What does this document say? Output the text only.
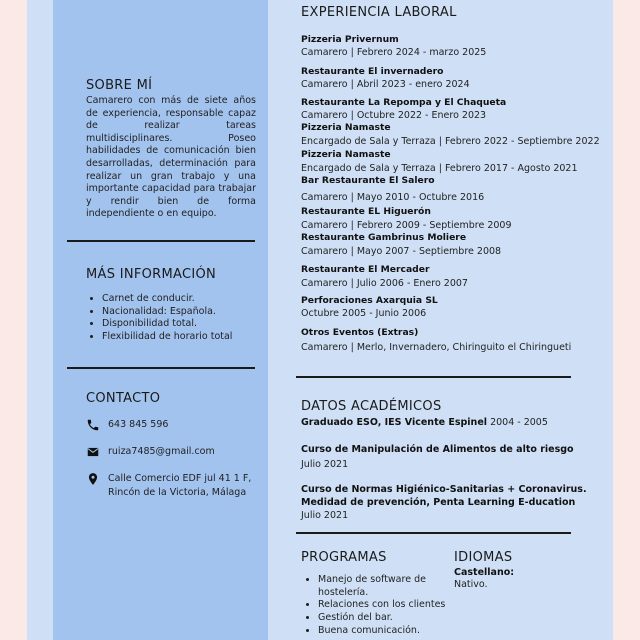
SOBRE MÍ
Camarero con más de siete años de experiencia, responsable capaz de realizar tareas multidisciplinares. Poseo habilidades de comunicación bien desarrolladas, determinación para realizar un gran trabajo y una importante capacidad para trabajar y rendir bien de forma independiente o en equipo.
MÁS INFORMACIÓN
• Carnet de conducir.
• Nacionalidad: Española.
• Disponibilidad total.
• Flexibilidad de horario total
CONTACTO
643 845 596
ruiza7485@gmail.com
Calle Comercio EDF jul 41 1 F,
Rincón de la Victoria, Málaga
EXPERIENCIA LABORAL
Pizzeria Privernum
Camarero | Febrero 2024 - marzo 2025
Restaurante El invernadero
Camarero | Abril 2023 - enero 2024
Restaurante La Repompa y El Chaqueta
Camarero | Octubre 2022 - Enero 2023
Pizzeria Namaste
Encargado de Sala y Terraza | Febrero 2022 - Septiembre 2022
Pizzeria Namaste
Encargado de Sala y Terraza | Febrero 2017 - Agosto 2021
Bar Restaurante El Salero
Camarero | Mayo 2010 - Octubre 2016
Restaurante EL Higuerón
Camarero | Febrero 2009 - Septiembre 2009
Restaurante Gambrinus Moliere
Camarero | Mayo 2007 - Septiembre 2008
Restaurante El Mercader
Camarero | Julio 2006 - Enero 2007
Perforaciones Axarquia SL
Octubre 2005 - Junio 2006
Otros Eventos (Extras)
Camarero | Merlo, Invernadero, Chiringuito el Chiringueti
DATOS ACADÉMICOS
Graduado ESO, IES Vicente Espinel 2004 - 2005
Curso de Manipulación de Alimentos de alto riesgo
Julio 2021
Curso de Normas Higiénico-Sanitarias + Coronavirus. Medidad de prevención, Penta Learning E-ducation
Julio 2021
PROGRAMAS
• Manejo de software de hostelería.
• Relaciones con los clientes
• Gestión del bar.
• Buena comunicación.
IDIOMAS
Castellano:
Nativo.
